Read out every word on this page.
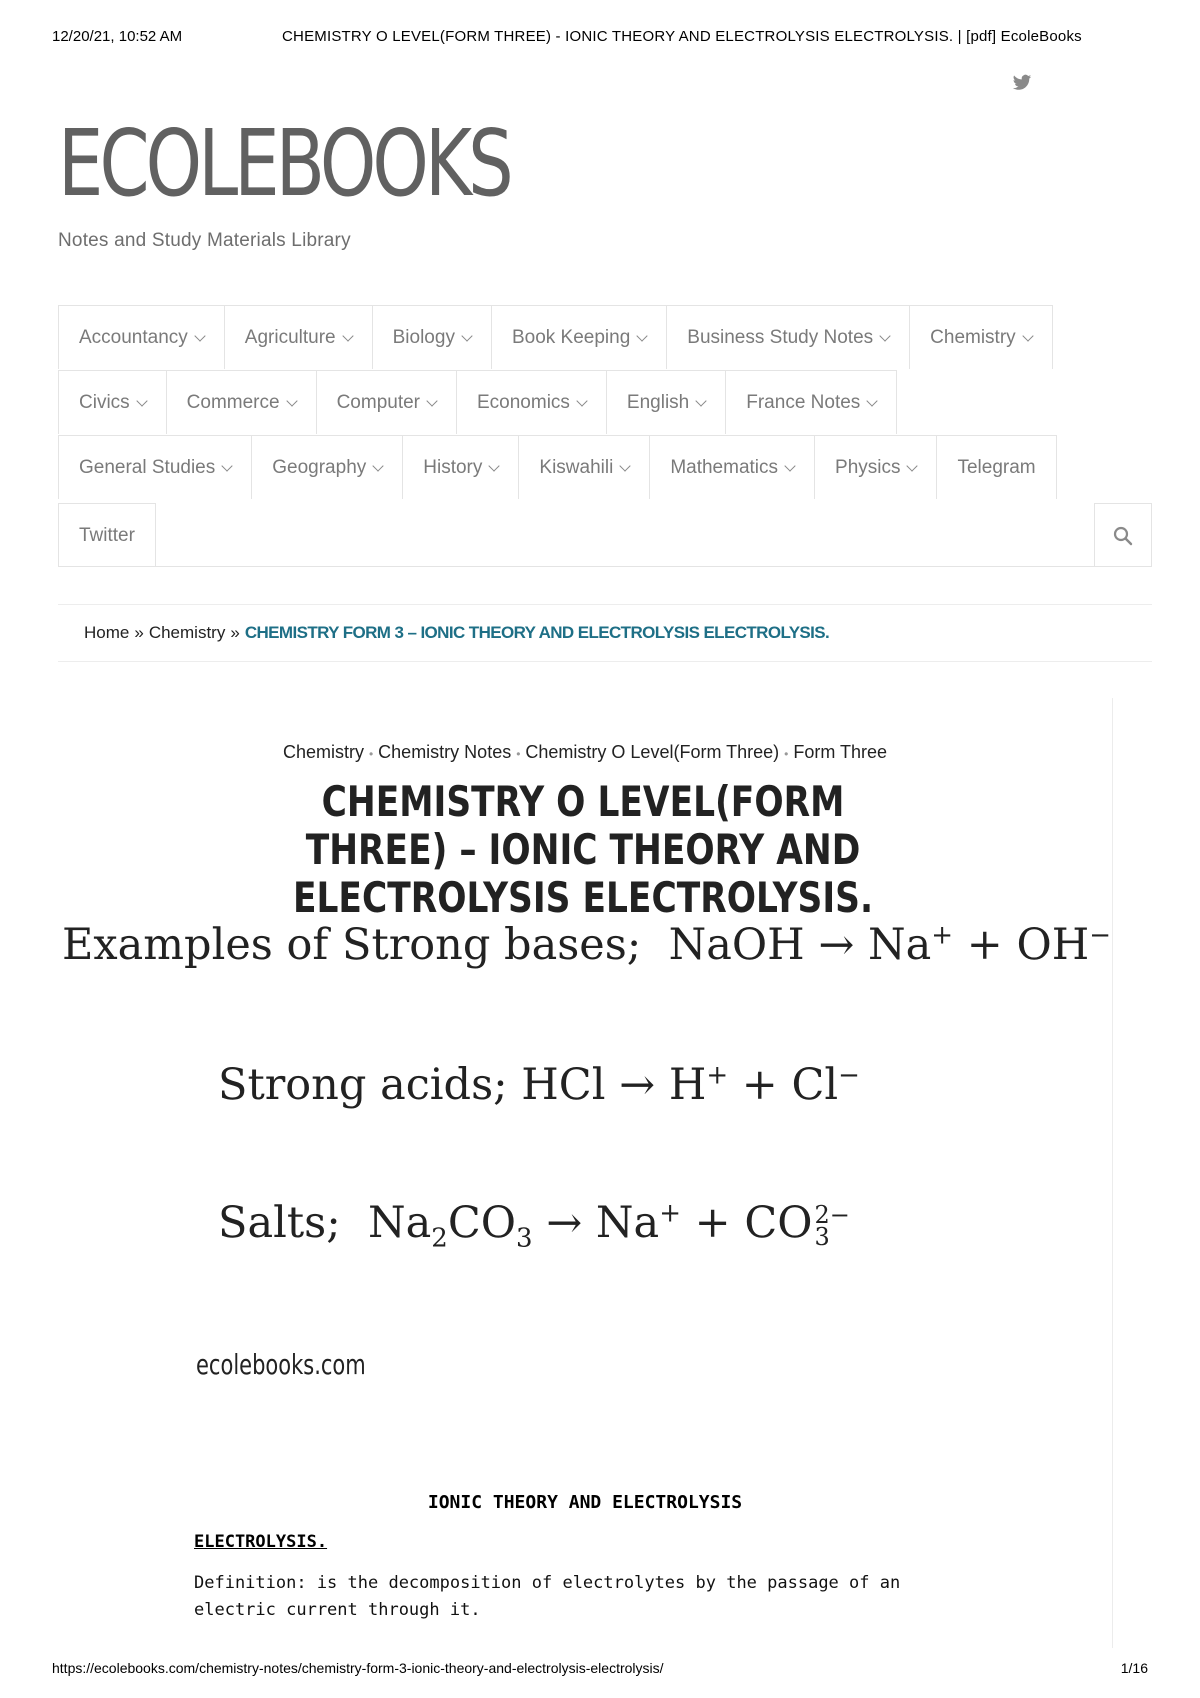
12/20/21, 10:52 AM	CHEMISTRY O LEVEL(FORM THREE) - IONIC THEORY AND ELECTROLYSIS ELECTROLYSIS. | [pdf] EcoleBooks
ECOLEBOOKS
Notes and Study Materials Library
Accountancy	Agriculture	Biology	Book Keeping	Business Study Notes	Chemistry
Civics	Commerce	Computer	Economics	English	France Notes
General Studies	Geography	History	Kiswahili	Mathematics	Physics	Telegram
Twitter
Home » Chemistry » CHEMISTRY FORM 3 – IONIC THEORY AND ELECTROLYSIS ELECTROLYSIS.
Chemistry • Chemistry Notes • Chemistry O Level(Form Three) • Form Three
CHEMISTRY O LEVEL(FORM THREE) – IONIC THEORY AND ELECTROLYSIS ELECTROLYSIS.
Examples of Strong bases; NaOH → Na+ + OH−
Strong acids; HCl → H+ + Cl−
Salts; $Na_2CO_3 \to Na^+$ + CO 2−
3
ecolebooks.com
IONIC THEORY AND ELECTROLYSIS
ELECTROLYSIS.

Definition: is the decomposition of electrolytes by the passage of an electric current through it.

https://ecolebooks.com/chemistry-notes/chemistry-form-3-ionic-theory-and-electrolysis-electrolysis/	1/16
